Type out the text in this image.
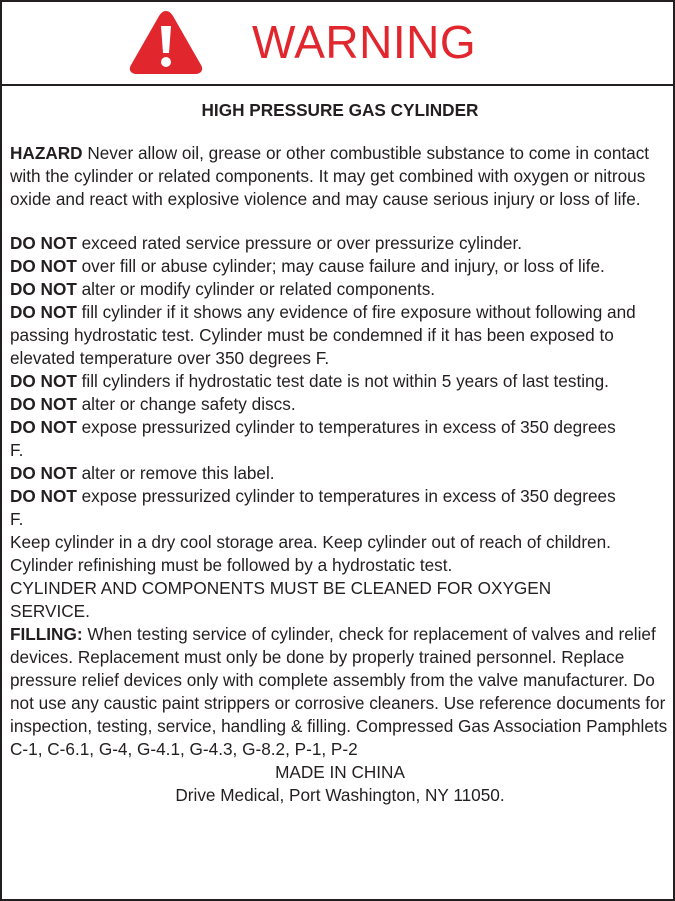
WARNING
HIGH PRESSURE GAS CYLINDER

HAZARD Never allow oil, grease or other combustible substance to come in contact with the cylinder or related components. It may get combined with oxygen or nitrous oxide and react with explosive violence and may cause serious injury or loss of life.

DO NOT exceed rated service pressure or over pressurize cylinder.

DO NOT over fill or abuse cylinder; may cause failure and injury, or loss of life.

DO NOT alter or modify cylinder or related components.

DO NOT fill cylinder if it shows any evidence of fire exposure without following and passing hydrostatic test. Cylinder must be condemned if it has been exposed to elevated temperature over 350 degrees F.

DO NOT fill cylinders if hydrostatic test date is not within 5 years of last testing.

DO NOT alter or change safety discs.

DO NOT expose pressurized cylinder to temperatures in excess of 350 degrees F.

DO NOT alter or remove this label.

DO NOT expose pressurized cylinder to temperatures in excess of 350 degrees F.

Keep cylinder in a dry cool storage area. Keep cylinder out of reach of children. Cylinder refinishing must be followed by a hydrostatic test.

CYLINDER AND COMPONENTS MUST BE CLEANED FOR OXYGEN SERVICE.

FILLING: When testing service of cylinder, check for replacement of valves and relief devices. Replacement must only be done by properly trained personnel. Replace pressure relief devices only with complete assembly from the valve manufacturer. Do not use any caustic paint strippers or corrosive cleaners. Use reference documents for inspection, testing, service, handling & filling. Compressed Gas Association Pamphlets C-1, C-6.1, G-4, G-4.1, G-4.3, G-8.2, P-1, P-2

MADE IN CHINA

Drive Medical, Port Washington, NY 11050.
